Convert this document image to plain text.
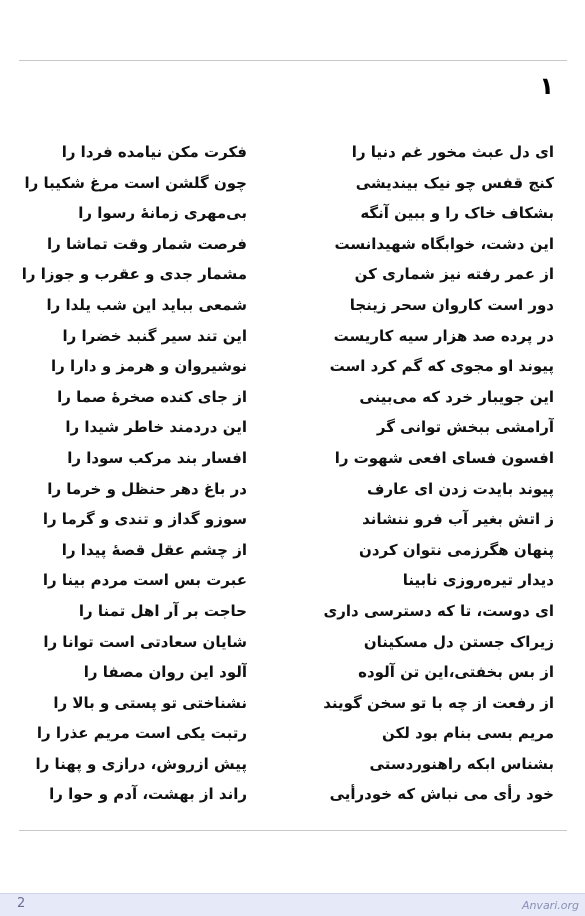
۱
ای دل عبث مخور غم دنیا را
کنج قفس چو نیک بیندیشی
بشکاف خاک را و ببین آنگه
این دشت، خوابگاه شهیدانست
از عمر رفته نیز شماری کن
دور است کاروان سحر زینجا
در پرده صد هزار سیه کاریست
پیوند او مجوی که گم کرد است
این جویبار خرد که می‌بینی
آرامشی ببخش توانی گر
افسون فسای افعی شهوت را
پیوند بایدت زدن ای عارف
ز اتش بغیر آب فرو ننشاند
پنهان هگرزمی نتوان کردن
دیدار تیره‌روزی نابینا
ای دوست، تا که دسترسی داری
زیراک جستن دل مسکینان
از بس بخفتی،این تن آلوده
از رفعت از چه با تو سخن گویند
مریم بسی بنام بود لکن
بشناس ابکه راهنوردستی
خود رأی می نباش که خودرأیی
فکرت مکن نیامده فردا را
چون گلشن است مرغ شکیبا را
بی‌مهری زمانهٔ رسوا را
فرصت شمار وقت تماشا را
مشمار جدی و عقرب و جوزا را
شمعی بباید این شب یلدا را
این تند سیر گنبد خضرا را
نوشیروان و هرمز و دارا را
از جای کنده صخرهٔ صما را
این دردمند خاطر شیدا را
افسار بند مرکب سودا را
در باغ دهر حنظل و خرما را
سوزو گداز و تندی و گرما را
از چشم عقل قصهٔ پیدا را
عبرت بس است مردم بینا را
حاجت بر آر اهل تمنا را
شایان سعادتی است توانا را
آلود این روان مصفا را
نشناختی تو پستی و بالا را
رتبت یکی است مریم عذرا را
پیش ازروش، درازی و پهنا را
راند از بهشت، آدم و حوا را
2	Anvari.org
